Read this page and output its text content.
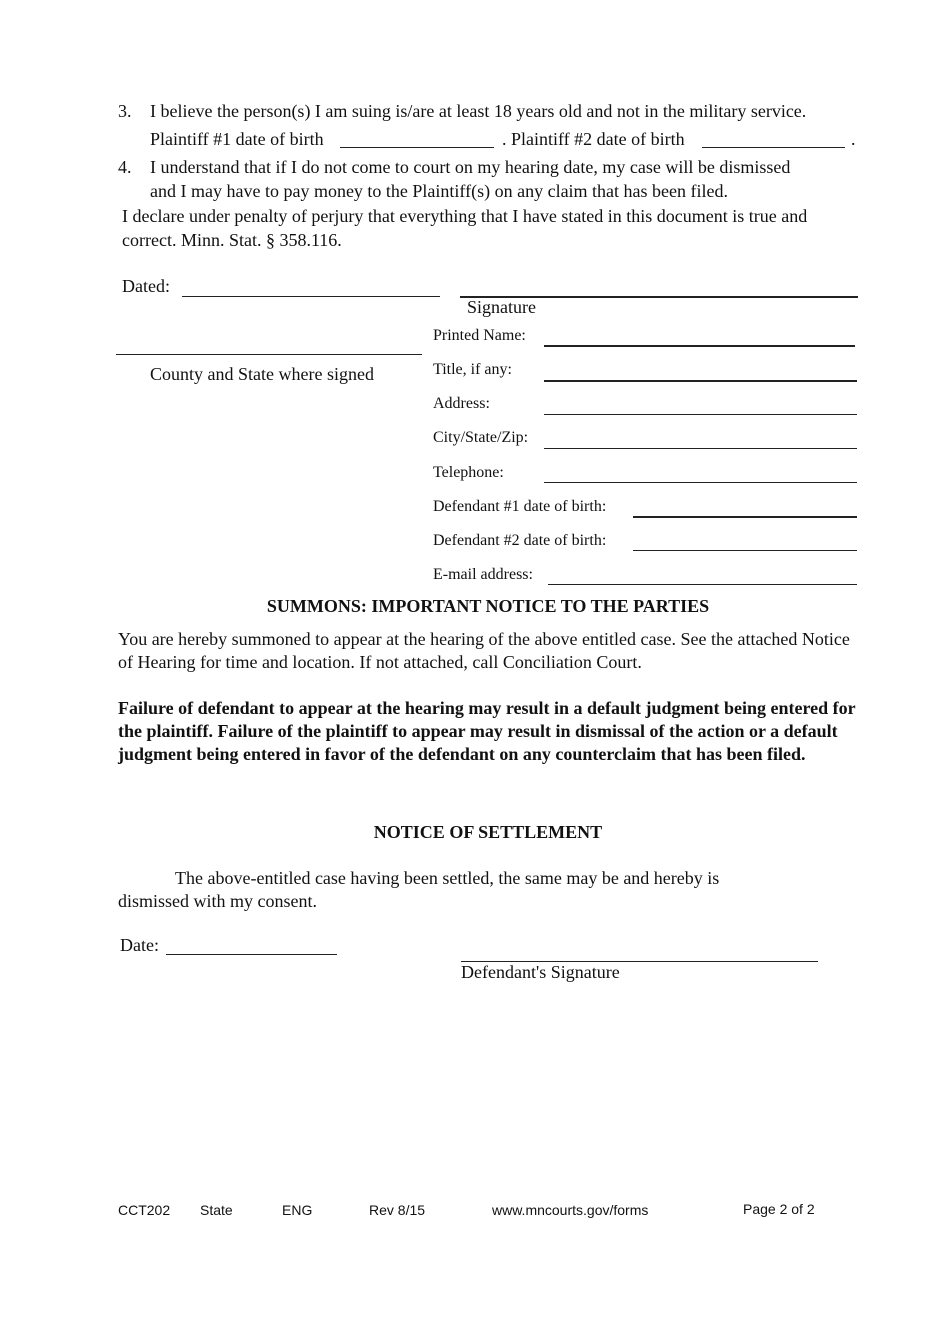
3. I believe the person(s) I am suing is/are at least 18 years old and not in the military service.
Plaintiff #1 date of birth	. Plaintiff #2 date of birth	.
4. I understand that if I do not come to court on my hearing date, my case will be dismissed
and I may have to pay money to the Plaintiff(s) on any claim that has been filed.
I declare under penalty of perjury that everything that I have stated in this document is true and
correct. Minn. Stat. § 358.116.
Dated:
Signature
County and State where signed
Printed Name:
Title, if any:
Address:
City/State/Zip:
Telephone:
Defendant #1 date of birth:
Defendant #2 date of birth:
E-mail address:
SUMMONS: IMPORTANT NOTICE TO THE PARTIES
You are hereby summoned to appear at the hearing of the above entitled case. See the attached Notice of Hearing for time and location. If not attached, call Conciliation Court.
Failure of defendant to appear at the hearing may result in a default judgment being entered for the plaintiff. Failure of the plaintiff to appear may result in dismissal of the action or a default judgment being entered in favor of the defendant on any counterclaim that has been filed.
NOTICE OF SETTLEMENT
The above-entitled case having been settled, the same may be and hereby is
dismissed with my consent.
Date:
Defendant's Signature
CCT202 State	ENG	Rev 8/15	www.mncourts.gov/forms	Page 2 of 2
